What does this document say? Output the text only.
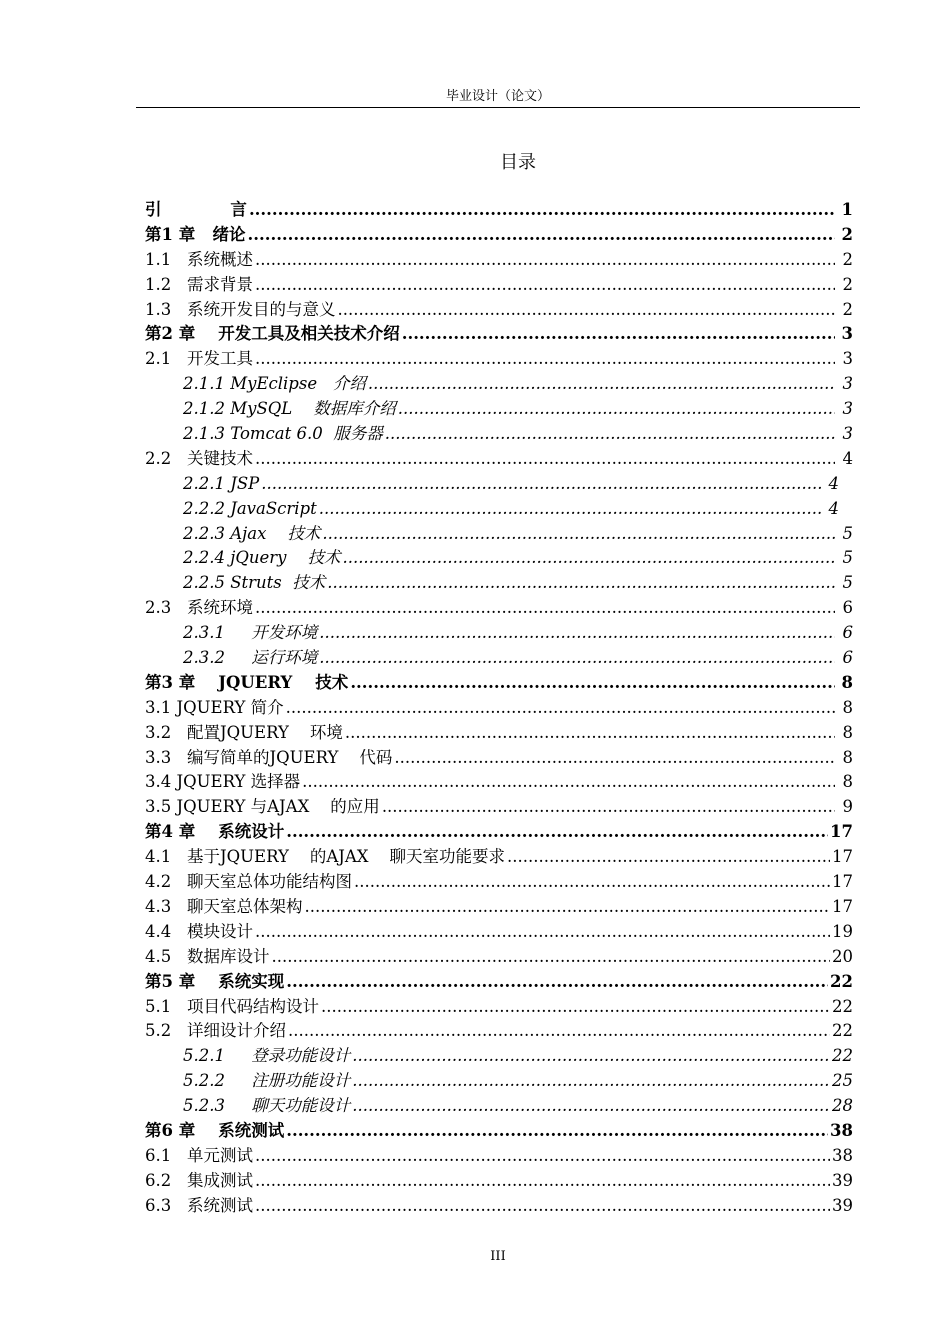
毕业设计（论文）
目录
引            言 .....	1
第1 章   绪论 .....	2
1.1   系统概述 .....	2
1.2   需求背景 .....	2
1.3   系统开发目的与意义 .....	2
第2 章    开发工具及相关技术介绍 .....	3
2.1   开发工具 .....	3
2.1.1 MyEclipse   介绍 .....	3
2.1.2 MySQL    数据库介绍 .....	3
2.1.3 Tomcat 6.0  服务器 .....	3
2.2   关键技术 .....	4
2.2.1 JSP .....	4
2.2.2 JavaScript .....	4
2.2.3 Ajax    技术 .....	5
2.2.4 jQuery    技术 .....	5
2.2.5 Struts  技术 .....	5
2.3   系统环境 .....	6
2.3.1     开发环境 .....	6
2.3.2     运行环境 .....	6
第3 章    JQUERY    技术 .....	8
3.1 JQUERY 简介 .....	8
3.2   配置JQUERY    环境 .....	8
3.3   编写简单的JQUERY    代码 .....	8
3.4 JQUERY 选择器 .....	8
3.5 JQUERY 与AJAX    的应用 .....	9
第4 章    系统设计 .....	17
4.1   基于JQUERY    的AJAX    聊天室功能要求 .....	17
4.2   聊天室总体功能结构图 .....	17
4.3   聊天室总体架构 .....	17
4.4   模块设计 .....	19
4.5   数据库设计 .....	20
第5 章    系统实现 .....	22
5.1   项目代码结构设计 .....	22
5.2   详细设计介绍 .....	22
5.2.1     登录功能设计 .....	22
5.2.2     注册功能设计 .....	25
5.2.3     聊天功能设计 .....	28
第6 章    系统测试 .....	38
6.1   单元测试 .....	38
6.2   集成测试 .....	39
6.3   系统测试 .....	39
III
